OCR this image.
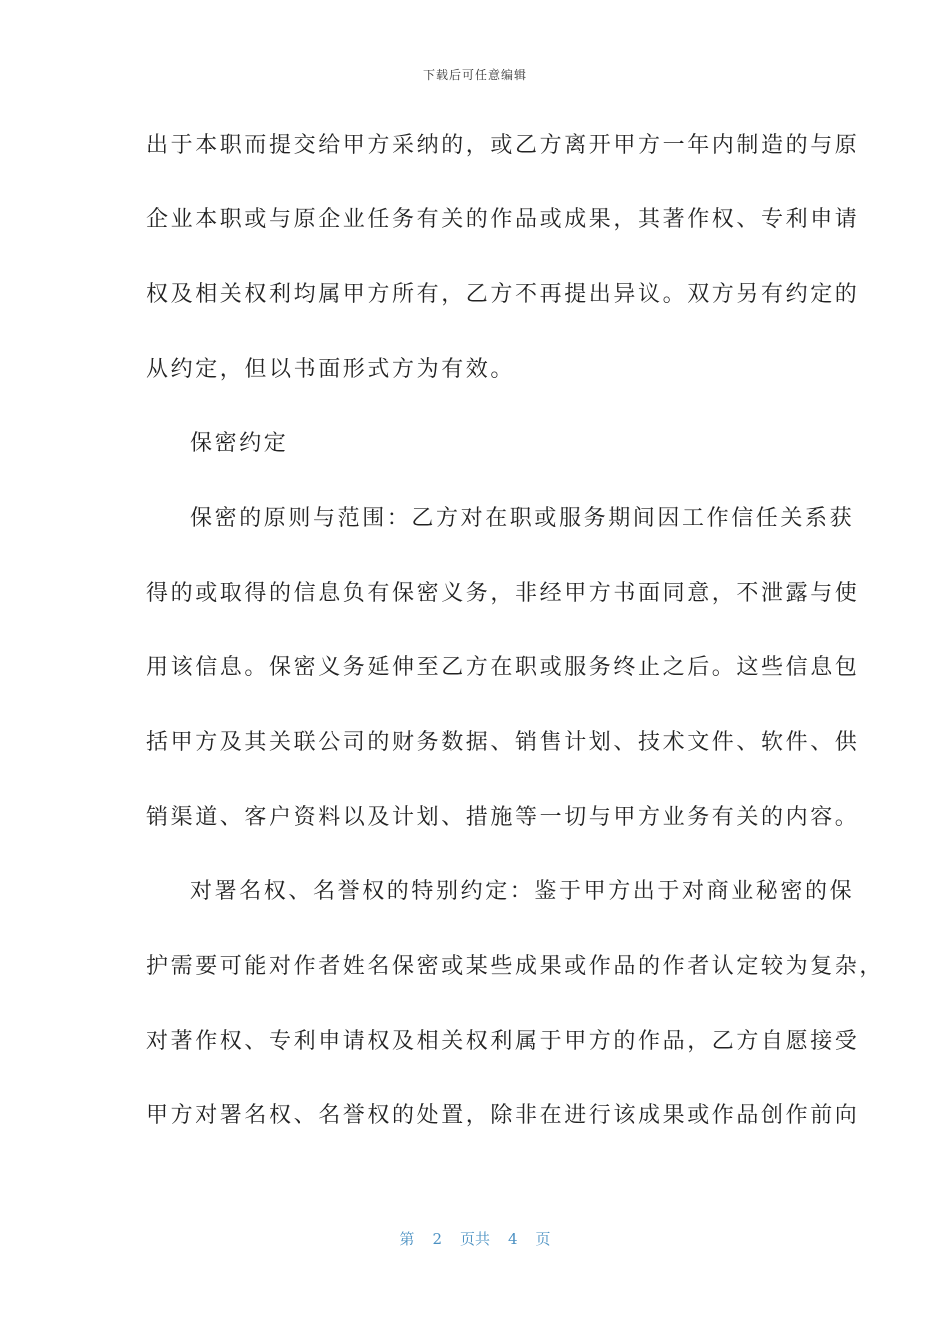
下载后可任意编辑
出于本职而提交给甲方采纳的，或乙方离开甲方一年内制造的与原
企业本职或与原企业任务有关的作品或成果，其著作权、专利申请
权及相关权利均属甲方所有，乙方不再提出异议。双方另有约定的
从约定，但以书面形式方为有效。
保密约定
保密的原则与范围：乙方对在职或服务期间因工作信任关系获
得的或取得的信息负有保密义务，非经甲方书面同意，不泄露与使
用该信息。保密义务延伸至乙方在职或服务终止之后。这些信息包
括甲方及其关联公司的财务数据、销售计划、技术文件、软件、供
销渠道、客户资料以及计划、措施等一切与甲方业务有关的内容。
对署名权、名誉权的特别约定：鉴于甲方出于对商业秘密的保
护需要可能对作者姓名保密或某些成果或作品的作者认定较为复杂，
对著作权、专利申请权及相关权利属于甲方的作品，乙方自愿接受
甲方对署名权、名誉权的处置，除非在进行该成果或作品创作前向
第 2 页共 4 页
